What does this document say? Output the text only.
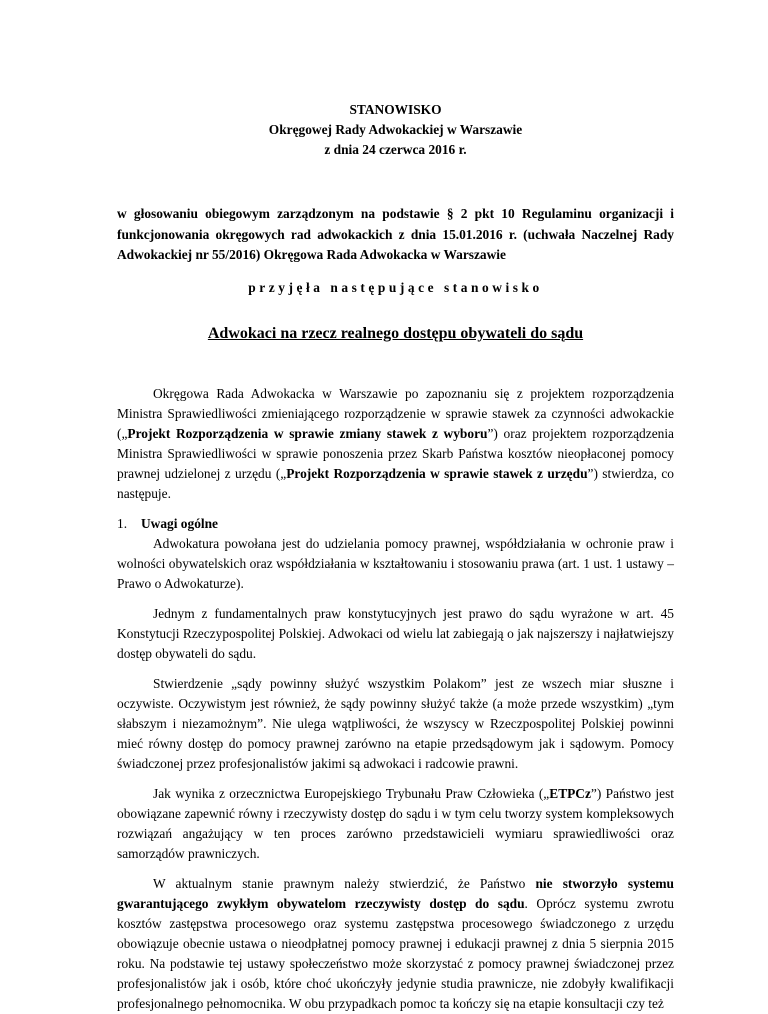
STANOWISKO
Okręgowej Rady Adwokackiej w Warszawie
z dnia 24 czerwca 2016 r.
w głosowaniu obiegowym zarządzonym na podstawie § 2 pkt 10 Regulaminu organizacji i funkcjonowania okręgowych rad adwokackich z dnia 15.01.2016 r. (uchwała Naczelnej Rady Adwokackiej nr 55/2016) Okręgowa Rada Adwokacka w Warszawie
przyjęła następujące stanowisko
Adwokaci na rzecz realnego dostępu obywateli do sądu

Okręgowa Rada Adwokacka w Warszawie po zapoznaniu się z projektem rozporządzenia Ministra Sprawiedliwości zmieniającego rozporządzenie w sprawie stawek za czynności adwokackie („Projekt Rozporządzenia w sprawie zmiany stawek z wyboru”) oraz projektem rozporządzenia Ministra Sprawiedliwości w sprawie ponoszenia przez Skarb Państwa kosztów nieopłaconej pomocy prawnej udzielonej z urzędu („Projekt Rozporządzenia w sprawie stawek z urzędu”) stwierdza, co następuje.

1. Uwagi ogólne

Adwokatura powołana jest do udzielania pomocy prawnej, współdziałania w ochronie praw i wolności obywatelskich oraz współdziałania w kształtowaniu i stosowaniu prawa (art. 1 ust. 1 ustawy – Prawo o Adwokaturze).

Jednym z fundamentalnych praw konstytucyjnych jest prawo do sądu wyrażone w art. 45 Konstytucji Rzeczypospolitej Polskiej. Adwokaci od wielu lat zabiegają o jak najszerszy i najłatwiejszy dostęp obywateli do sądu.

Stwierdzenie „sądy powinny służyć wszystkim Polakom” jest ze wszech miar słuszne i oczywiste. Oczywistym jest również, że sądy powinny służyć także (a może przede wszystkim) „tym słabszym i niezamożnym”. Nie ulega wątpliwości, że wszyscy w Rzeczpospolitej Polskiej powinni mieć równy dostęp do pomocy prawnej zarówno na etapie przedsądowym jak i sądowym. Pomocy świadczonej przez profesjonalistów jakimi są adwokaci i radcowie prawni.

Jak wynika z orzecznictwa Europejskiego Trybunału Praw Człowieka („ETPCz”) Państwo jest obowiązane zapewnić równy i rzeczywisty dostęp do sądu i w tym celu tworzy system kompleksowych rozwiązań angażujący w ten proces zarówno przedstawicieli wymiaru sprawiedliwości oraz samorządów prawniczych.

W aktualnym stanie prawnym należy stwierdzić, że Państwo nie stworzyło systemu gwarantującego zwykłym obywatelom rzeczywisty dostęp do sądu. Oprócz systemu zwrotu kosztów zastępstwa procesowego oraz systemu zastępstwa procesowego świadczonego z urzędu obowiązuje obecnie ustawa o nieodpłatnej pomocy prawnej i edukacji prawnej z dnia 5 sierpnia 2015 roku. Na podstawie tej ustawy społeczeństwo może skorzystać z pomocy prawnej świadczonej przez profesjonalistów jak i osób, które choć ukończyły jedynie studia prawnicze, nie zdobyły kwalifikacji profesjonalnego pełnomocnika. W obu przypadkach pomoc ta kończy się na etapie konsultacji czy też
